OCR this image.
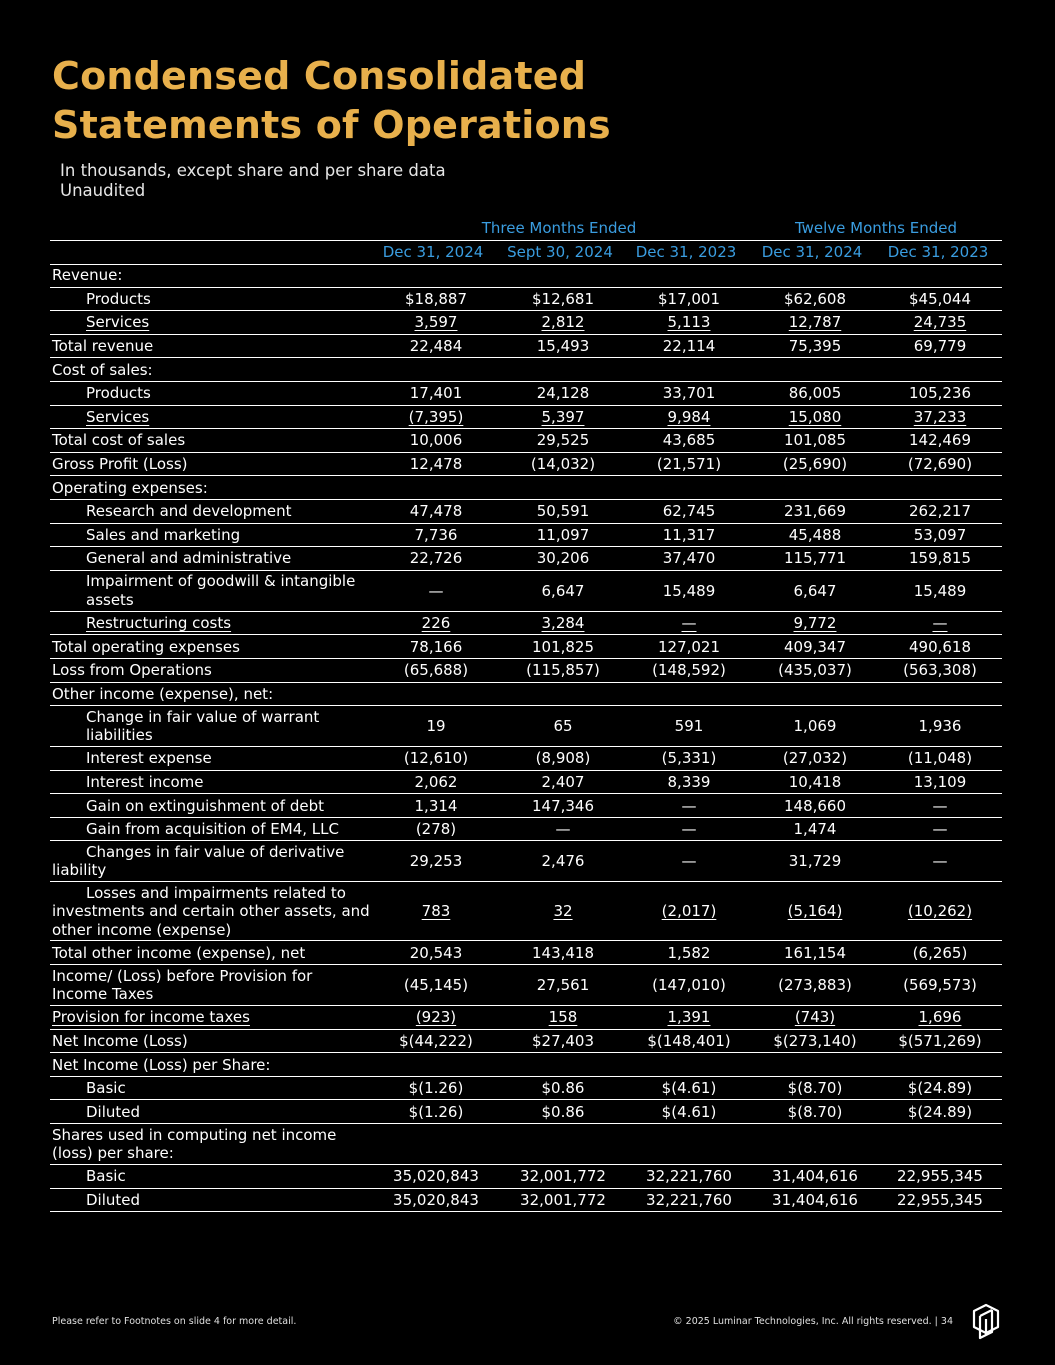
Condensed Consolidated
Statements of Operations
In thousands, except share and per share data
Unaudited
Three Months Ended	Twelve Months Ended
Dec 31, 2024	Sept 30, 2024	Dec 31, 2023	Dec 31, 2024	Dec 31, 2023
Revenue:					
Products	$18,887	$12,681	$17,001	$62,608	$45,044
Services	3,597	2,812	5,113	12,787	24,735
Total revenue	22,484	15,493	22,114	75,395	69,779
Cost of sales:					
Products	17,401	24,128	33,701	86,005	105,236
Services	(7,395)	5,397	9,984	15,080	37,233
Total cost of sales	10,006	29,525	43,685	101,085	142,469
Gross Profit (Loss)	12,478	(14,032)	(21,571)	(25,690)	(72,690)
Operating expenses:					
Research and development	47,478	50,591	62,745	231,669	262,217
Sales and marketing	7,736	11,097	11,317	45,488	53,097
General and administrative	22,726	30,206	37,470	115,771	159,815
Impairment of goodwill & intangible assets	—	6,647	15,489	6,647	15,489
Restructuring costs	226	3,284	—	9,772	—
Total operating expenses	78,166	101,825	127,021	409,347	490,618
Loss from Operations	(65,688)	(115,857)	(148,592)	(435,037)	(563,308)
Other income (expense), net:					
Change in fair value of warrant liabilities	19	65	591	1,069	1,936
Interest expense	(12,610)	(8,908)	(5,331)	(27,032)	(11,048)
Interest income	2,062	2,407	8,339	10,418	13,109
Gain on extinguishment of debt	1,314	147,346	—	148,660	—
Gain from acquisition of EM4, LLC	(278)	—	—	1,474	—
Changes in fair value of derivative liability	29,253	2,476	—	31,729	—
Losses and impairments related to investments and certain other assets, and other income (expense)	783	32	(2,017)	(5,164)	(10,262)
Total other income (expense), net	20,543	143,418	1,582	161,154	(6,265)
Income/ (Loss) before Provision for Income Taxes	(45,145)	27,561	(147,010)	(273,883)	(569,573)
Provision for income taxes	(923)	158	1,391	(743)	1,696
Net Income (Loss)	$(44,222)	$27,403	$(148,401)	$(273,140)	$(571,269)
Net Income (Loss) per Share:					
Basic	$(1.26)	$0.86	$(4.61)	$(8.70)	$(24.89)
Diluted	$(1.26)	$0.86	$(4.61)	$(8.70)	$(24.89)
Shares used in computing net income (loss) per share:					
Basic	35,020,843	32,001,772	32,221,760	31,404,616	22,955,345
Diluted	35,020,843	32,001,772	32,221,760	31,404,616	22,955,345
Please refer to Footnotes on slide 4 for more detail.	© 2025 Luminar Technologies, Inc. All rights reserved. | 34
